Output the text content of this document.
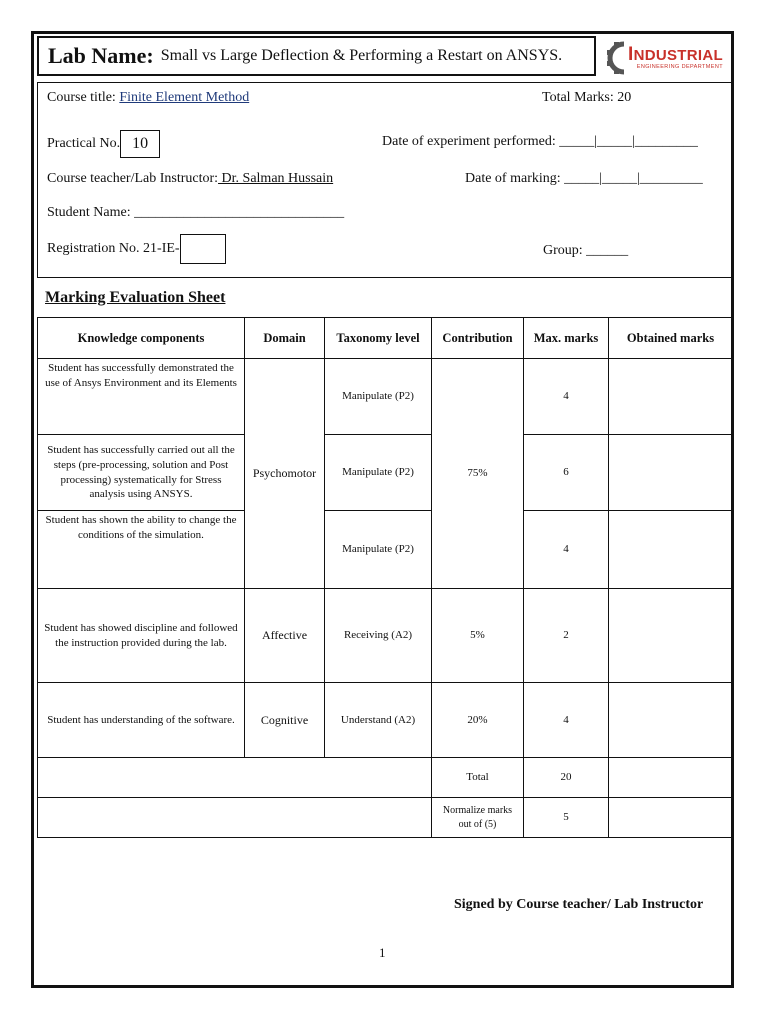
Lab Name: Small vs Large Deflection & Performing a Restart on ANSYS.	INDUSTRIAL
ENGINEERING DEPARTMENT
Course title: Finite Element Method	Total Marks: 20
Practical No. 10	Date of experiment performed: _____|_____|_________
Course teacher/Lab Instructor: Dr. Salman Hussain	Date of marking: _____|_____|_________
Student Name: ______________________________
Registration No. 21-IE-	Group: ______
Marking Evaluation Sheet
Knowledge components	Domain	Taxonomy level	Contribution	Max. marks	Obtained marks
Student has successfully demonstrated the use of Ansys Environment and its Elements	Psychomotor	Manipulate (P2)	75%	4	
Student has successfully carried out all the steps (pre-processing, solution and Post processing) systematically for Stress analysis using ANSYS.		Manipulate (P2)		6	
Student has shown the ability to change the conditions of the simulation.		Manipulate (P2)		4	
Student has showed discipline and followed the instruction provided during the lab.	Affective	Receiving (A2)	5%	2	
Student has understanding of the software.	Cognitive	Understand (A2)	20%	4	
			Total	20	
			Normalize marks out of (5)	5	
Signed by Course teacher/ Lab Instructor
1
